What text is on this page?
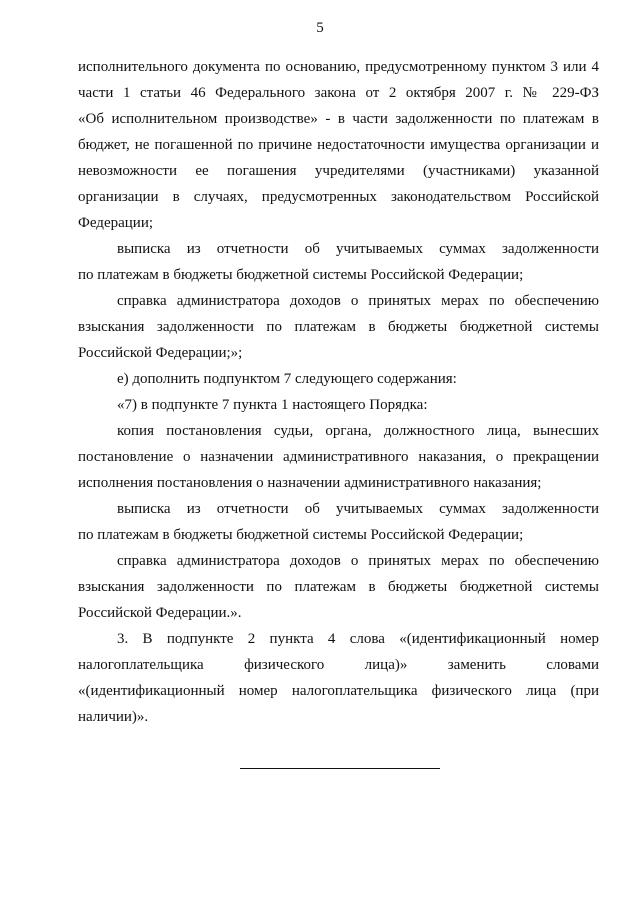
5
исполнительного документа по основанию, предусмотренному пунктом 3 или 4
части 1 статьи 46 Федерального закона от 2 октября 2007 г. № 229-ФЗ
«Об исполнительном производстве» - в части задолженности по платежам в
бюджет, не погашенной по причине недостаточности имущества организации и
невозможности ее погашения учредителями (участниками) указанной
организации в случаях, предусмотренных законодательством Российской
Федерации;
выписка из отчетности об учитываемых суммах задолженности
по платежам в бюджеты бюджетной системы Российской Федерации;
справка администратора доходов о принятых мерах по обеспечению
взыскания задолженности по платежам в бюджеты бюджетной системы
Российской Федерации;»;
е) дополнить подпунктом 7 следующего содержания:
«7) в подпункте 7 пункта 1 настоящего Порядка:
копия постановления судьи, органа, должностного лица, вынесших
постановление о назначении административного наказания, о прекращении
исполнения постановления о назначении административного наказания;
выписка из отчетности об учитываемых суммах задолженности
по платежам в бюджеты бюджетной системы Российской Федерации;
справка администратора доходов о принятых мерах по обеспечению
взыскания задолженности по платежам в бюджеты бюджетной системы
Российской Федерации.».
3. В подпункте 2 пункта 4 слова «(идентификационный номер
налогоплательщика физического лица)» заменить словами
«(идентификационный номер налогоплательщика физического лица (при
наличии)».
